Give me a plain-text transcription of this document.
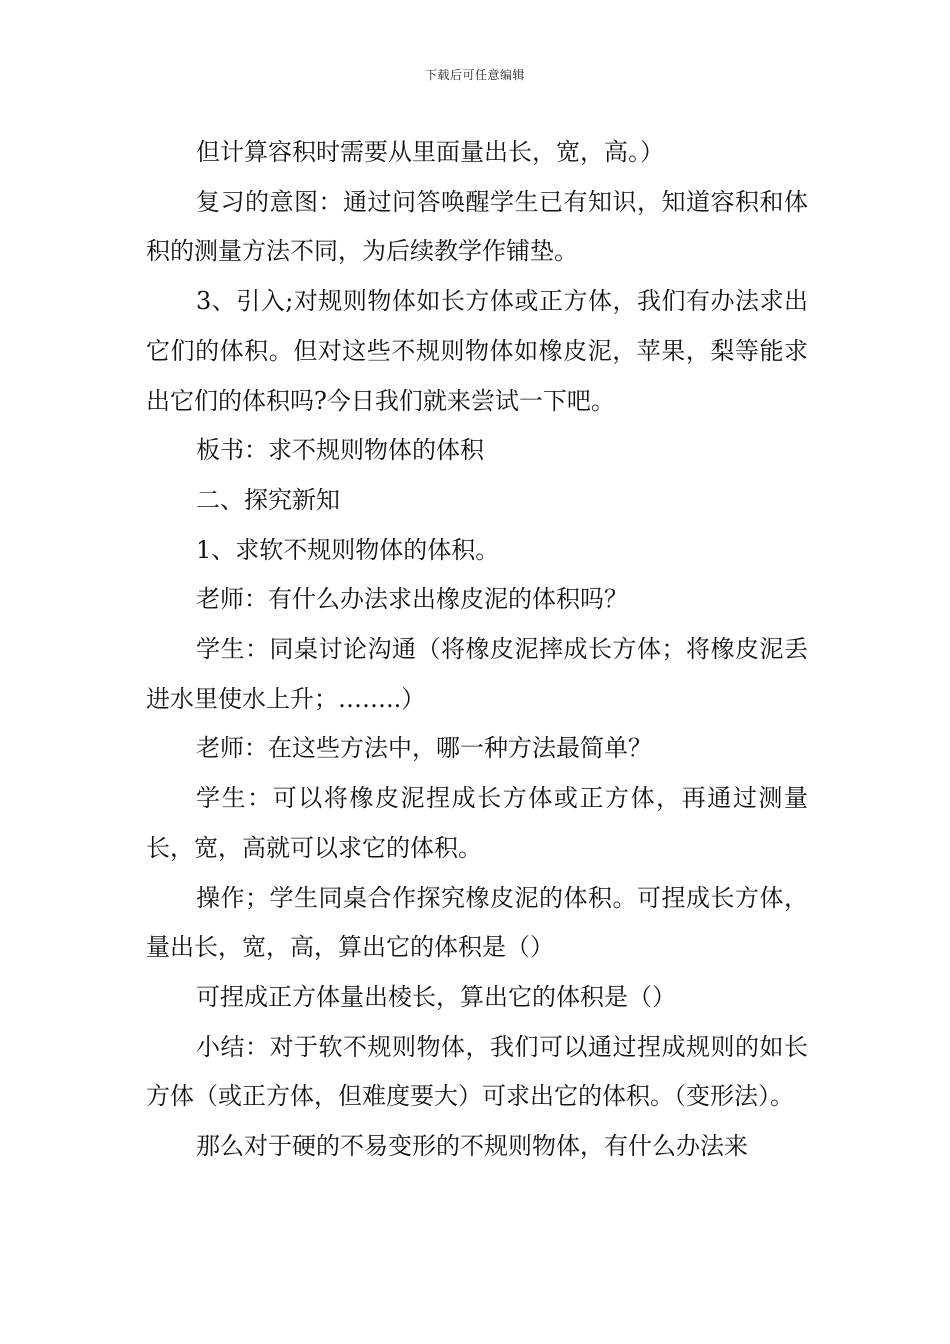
下载后可任意编辑

但计算容积时需要从里面量出长，宽，高。）

复习的意图：通过问答唤醒学生已有知识，知道容积和体积的测量方法不同，为后续教学作铺垫。

3、引入;对规则物体如长方体或正方体，我们有办法求出它们的体积。但对这些不规则物体如橡皮泥，苹果，梨等能求出它们的体积吗?今日我们就来尝试一下吧。

板书：求不规则物体的体积

二、探究新知

1、求软不规则物体的体积。

老师：有什么办法求出橡皮泥的体积吗？

学生：同桌讨论沟通（将橡皮泥摔成长方体；将橡皮泥丢进水里使水上升；……..）

老师：在这些方法中，哪一种方法最简单？

学生：可以将橡皮泥捏成长方体或正方体，再通过测量长，宽，高就可以求它的体积。

操作；学生同桌合作探究橡皮泥的体积。可捏成长方体，量出长，宽，高，算出它的体积是（）

可捏成正方体量出棱长，算出它的体积是（）

小结：对于软不规则物体，我们可以通过捏成规则的如长方体（或正方体，但难度要大）可求出它的体积。（变形法）。

那么对于硬的不易变形的不规则物体，有什么办法来
